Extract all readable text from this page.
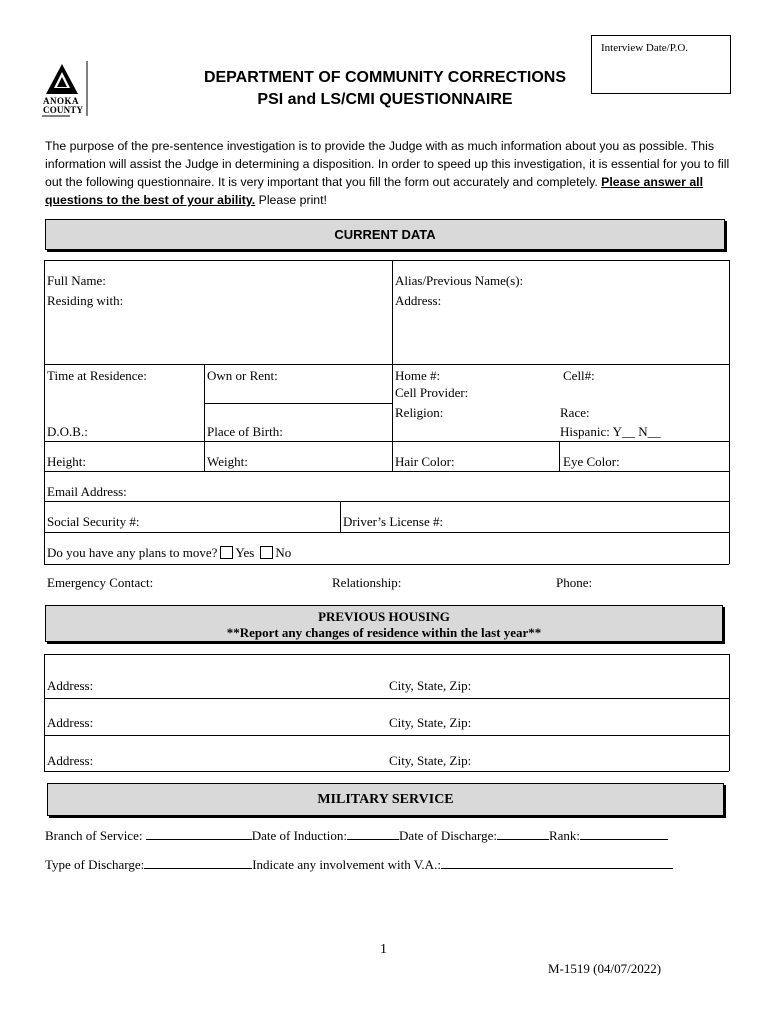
Interview Date/P.O.
ANOKA
COUNTY
DEPARTMENT OF COMMUNITY CORRECTIONS
PSI and LS/CMI QUESTIONNAIRE
The purpose of the pre-sentence investigation is to provide the Judge with as much information about you as possible. This information will assist the Judge in determining a disposition. In order to speed up this investigation, it is essential for you to fill out the following questionnaire. It is very important that you fill the form out accurately and completely. Please answer all questions to the best of your ability. Please print!
CURRENT DATA
Full Name:	Alias/Previous Name(s):
Residing with:	Address:
Time at Residence:	Own or Rent:	Home #:	Cell#:
Cell Provider:
Religion:	Race:
Hispanic: Y__ N__
D.O.B.:	Place of Birth:
Height:	Weight:	Hair Color:	Eye Color:
Email Address:
Social Security #:	Driver’s License #:
Do you have any plans to move? Yes No
Emergency Contact:	Relationship:	Phone:
PREVIOUS HOUSING
**Report any changes of residence within the last year**
Address:	City, State, Zip:
Address:	City, State, Zip:
Address:	City, State, Zip:
MILITARY SERVICE
Branch of Service:	Date of Induction:	Date of Discharge:	Rank:
Type of Discharge:	Indicate any involvement with V.A.:
1
M-1519 (04/07/2022)
